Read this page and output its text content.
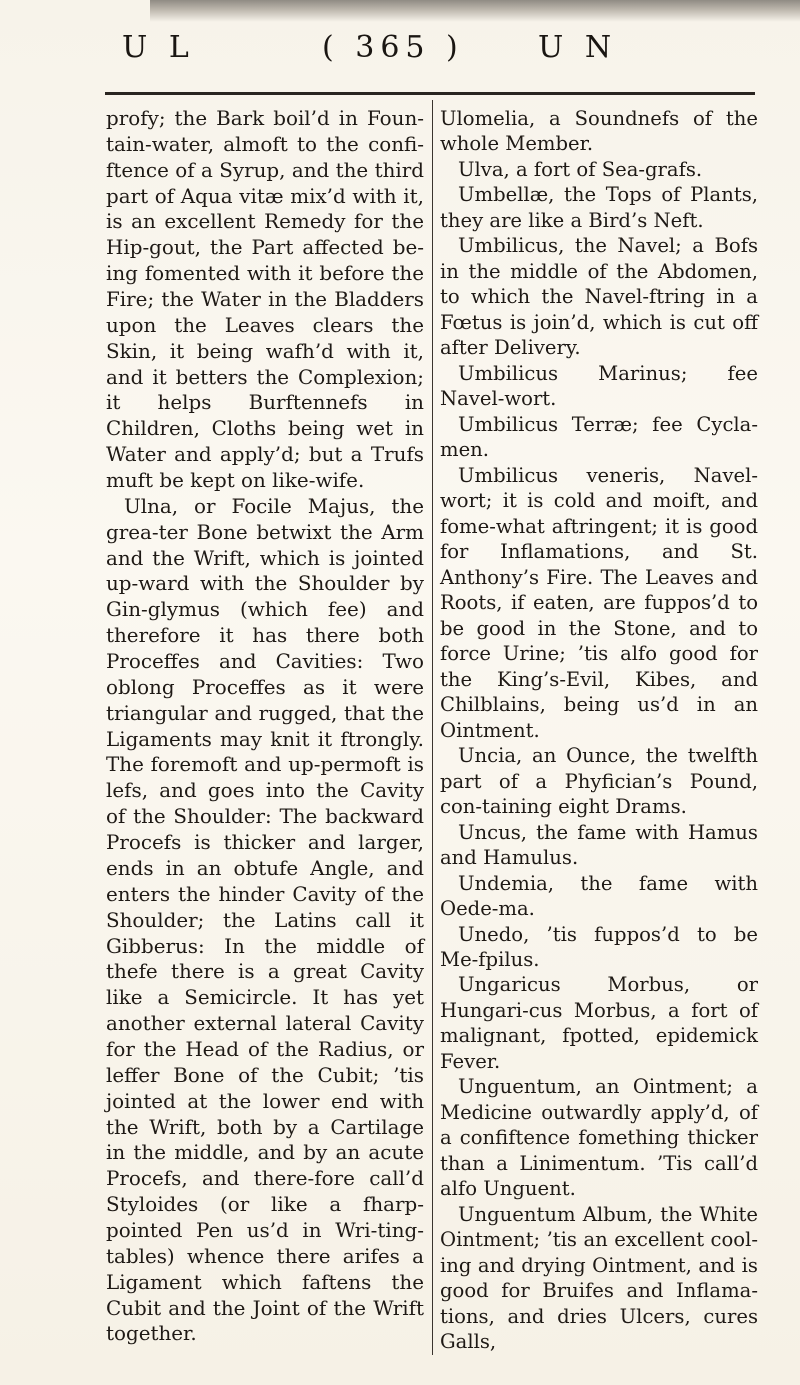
U L	( 365 ) U N

profy; the Bark boil’d in Foun-tain-water, almoft to the confi-ftence of a Syrup, and the third part of Aqua vitæ mix’d with it, is an excellent Remedy for the Hip-gout, the Part affected be-ing fomented with it before the Fire; the Water in the Bladders upon the Leaves clears the Skin, it being wafh’d with it, and it betters the Complexion; it helps Burftennefs in Children, Cloths being wet in Water and apply’d; but a Trufs muft be kept on like-wife.

Ulna, or Focile Majus, the grea-ter Bone betwixt the Arm and the Wrift, which is jointed up-ward with the Shoulder by Gin-glymus (which fee) and therefore it has there both Proceffes and Cavities: Two oblong Proceffes as it were triangular and rugged, that the Ligaments may knit it ftrongly. The foremoft and up-permoft is lefs, and goes into the Cavity of the Shoulder: The backward Procefs is thicker and larger, ends in an obtufe Angle, and enters the hinder Cavity of the Shoulder; the Latins call it Gibberus: In the middle of thefe there is a great Cavity like a Semicircle. It has yet another external lateral Cavity for the Head of the Radius, or leffer Bone of the Cubit; ’tis jointed at the lower end with the Wrift, both by a Cartilage in the middle, and by an acute Procefs, and there-fore call’d Styloides (or like a fharp-pointed Pen us’d in Wri-ting-tables) whence there arifes a Ligament which faftens the Cubit and the Joint of the Wrift together.

Ulomelia, a Soundnefs of the whole Member.

Ulva, a fort of Sea-grafs.

Umbellæ, the Tops of Plants, they are like a Bird’s Neft.

Umbilicus, the Navel; a Bofs in the middle of the Abdomen, to which the Navel-ftring in a Fœtus is join’d, which is cut off after Delivery.

Umbilicus Marinus; fee Navel-wort.

Umbilicus Terræ; fee Cycla-men.

Umbilicus veneris, Navel-wort; it is cold and moift, and fome-what aftringent; it is good for Inflamations, and St. Anthony’s Fire. The Leaves and Roots, if eaten, are fuppos’d to be good in the Stone, and to force Urine; ’tis alfo good for the King’s-Evil, Kibes, and Chilblains, being us’d in an Ointment.

Uncia, an Ounce, the twelfth part of a Phyfician’s Pound, con-taining eight Drams.

Uncus, the fame with Hamus and Hamulus.

Undemia, the fame with Oede-ma.

Unedo, ’tis fuppos’d to be Me-fpilus.

Ungaricus Morbus, or Hungari-cus Morbus, a fort of malignant, fpotted, epidemick Fever.

Unguentum, an Ointment; a Medicine outwardly apply’d, of a confiftence fomething thicker than a Linimentum. ’Tis call’d alfo Unguent.

Unguentum Album, the White Ointment; ’tis an excellent cool-ing and drying Ointment, and is good for Bruifes and Inflama-tions, and dries Ulcers, cures Galls,
